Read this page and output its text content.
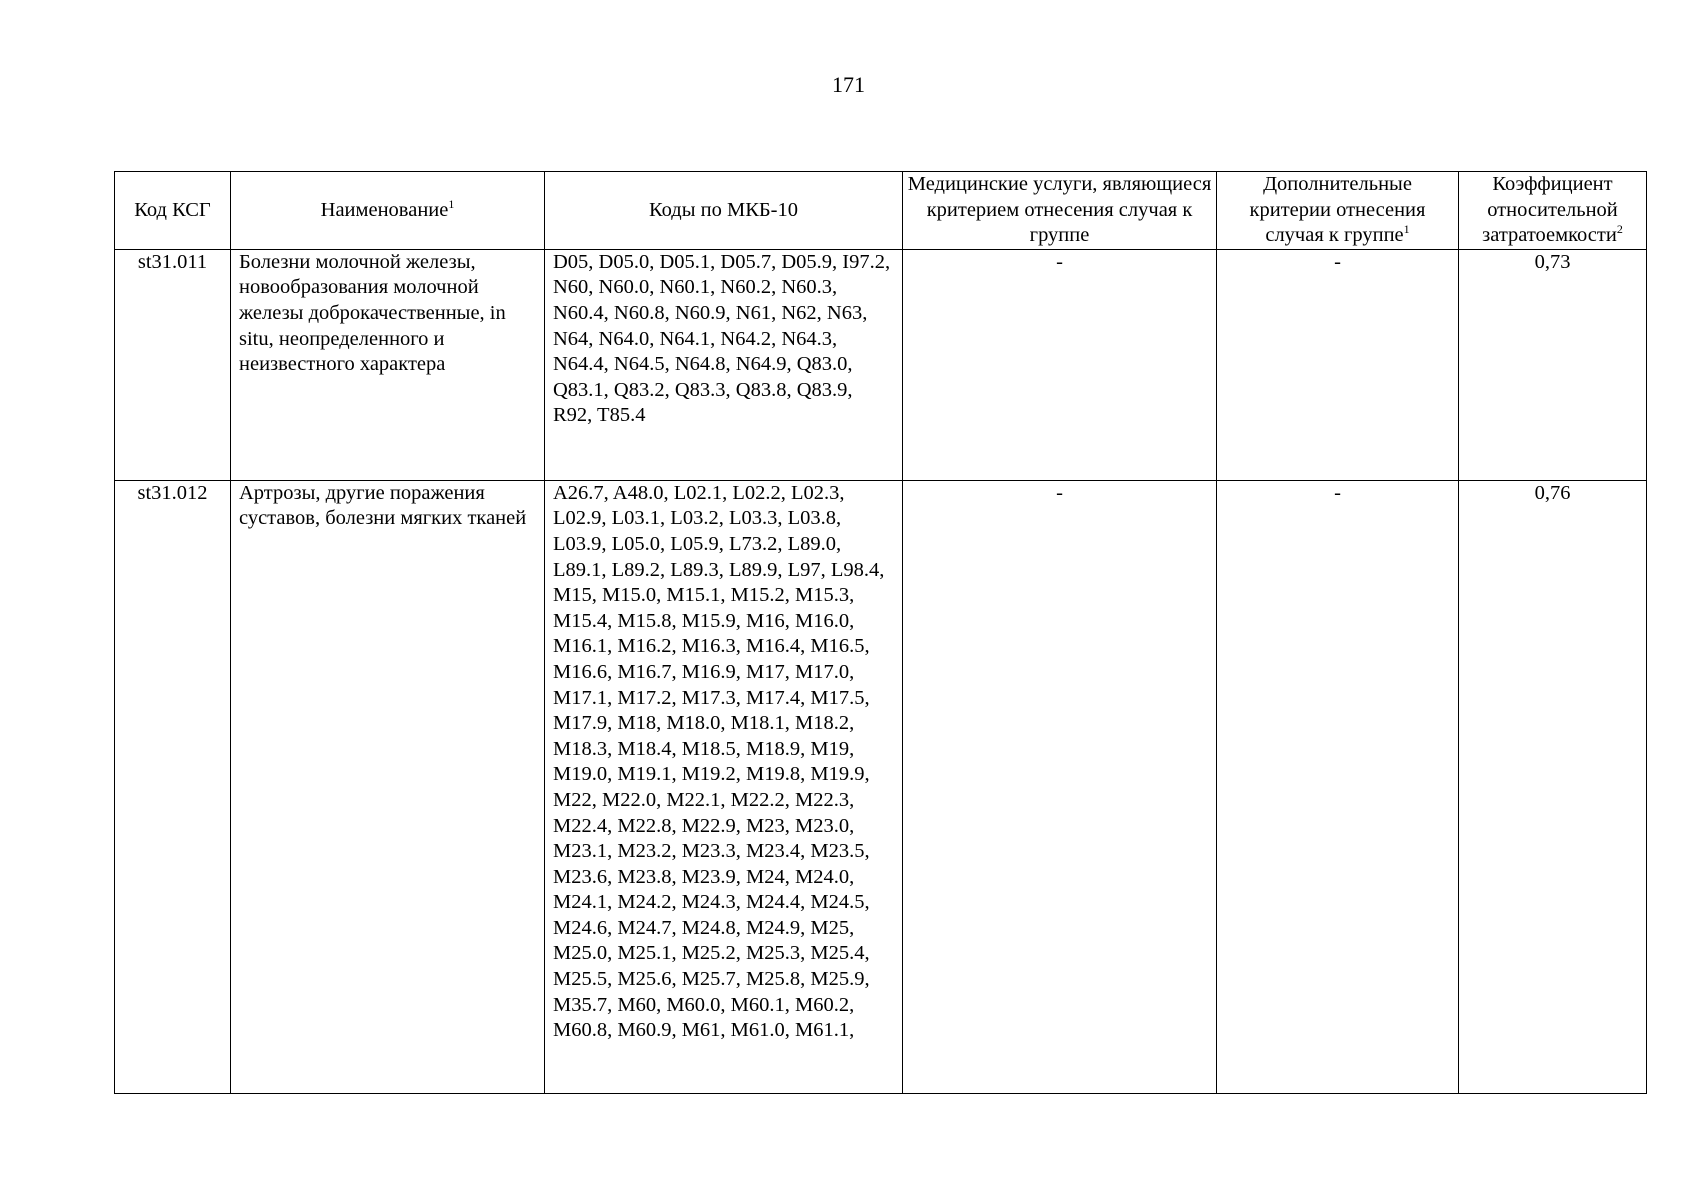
171
Код КСГ	Наименование$^1$	Коды по МКБ-10	Медицинские услуги, являющиеся критерием отнесения случая к группе	Дополнительные критерии отнесения случая к группе$^1$	Коэффициент относительной затратоемкости$^2$
st31.011	Болезни молочной железы, новообразования молочной железы доброкачественные, in situ, неопределенного и неизвестного характера	D05, D05.0, D05.1, D05.7, D05.9, I97.2, N60, N60.0, N60.1, N60.2, N60.3, N60.4, N60.8, N60.9, N61, N62, N63, N64, N64.0, N64.1, N64.2, N64.3, N64.4, N64.5, N64.8, N64.9, Q83.0, Q83.1, Q83.2, Q83.3, Q83.8, Q83.9, R92, T85.4	-	-	0,73
st31.012	Артрозы, другие поражения суставов, болезни мягких тканей	A26.7, A48.0, L02.1, L02.2, L02.3, L02.9, L03.1, L03.2, L03.3, L03.8, L03.9, L05.0, L05.9, L73.2, L89.0, L89.1, L89.2, L89.3, L89.9, L97, L98.4, M15, M15.0, M15.1, M15.2, M15.3, M15.4, M15.8, M15.9, M16, M16.0, M16.1, M16.2, M16.3, M16.4, M16.5, M16.6, M16.7, M16.9, M17, M17.0, M17.1, M17.2, M17.3, M17.4, M17.5, M17.9, M18, M18.0, M18.1, M18.2, M18.3, M18.4, M18.5, M18.9, M19, M19.0, M19.1, M19.2, M19.8, M19.9, M22, M22.0, M22.1, M22.2, M22.3, M22.4, M22.8, M22.9, M23, M23.0, M23.1, M23.2, M23.3, M23.4, M23.5, M23.6, M23.8, M23.9, M24, M24.0, M24.1, M24.2, M24.3, M24.4, M24.5, M24.6, M24.7, M24.8, M24.9, M25, M25.0, M25.1, M25.2, M25.3, M25.4, M25.5, M25.6, M25.7, M25.8, M25.9, M35.7, M60, M60.0, M60.1, M60.2, M60.8, M60.9, M61, M61.0, M61.1,	-	-	0,76
